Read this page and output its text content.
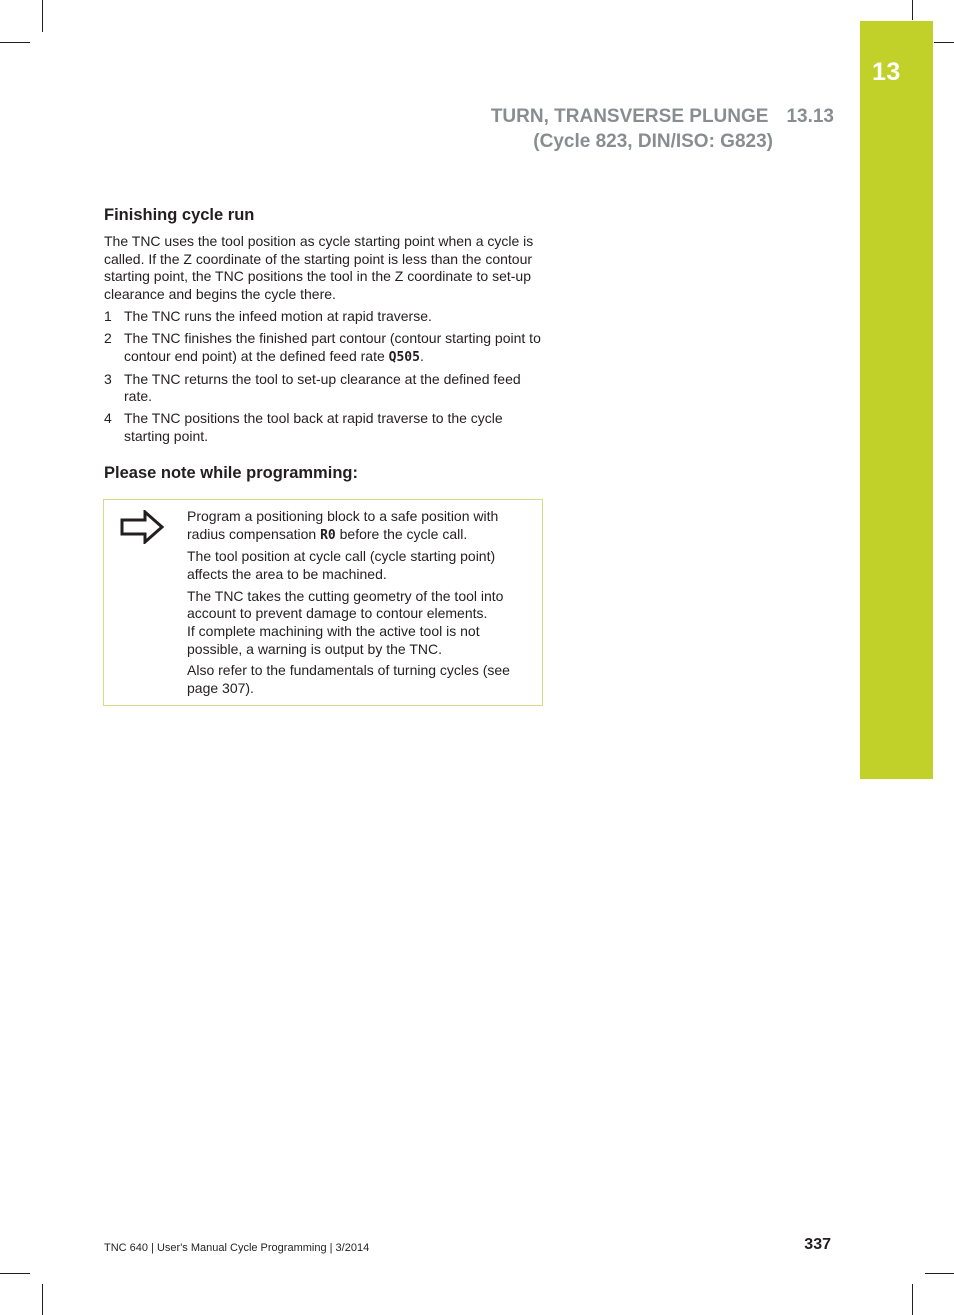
13
TURN, TRANSVERSE PLUNGE 13.13
(Cycle 823, DIN/ISO: G823)
Finishing cycle run

The TNC uses the tool position as cycle starting point when a cycle is called. If the Z coordinate of the starting point is less than the contour starting point, the TNC positions the tool in the Z coordinate to set-up clearance and begins the cycle there.

1 The TNC runs the infeed motion at rapid traverse.
2 The TNC finishes the finished part contour (contour starting point to contour end point) at the defined feed rate Q505.
3 The TNC returns the tool to set-up clearance at the defined feed rate.
4 The TNC positions the tool back at rapid traverse to the cycle starting point.
Please note while programming:

Program a positioning block to a safe position with radius compensation R0 before the cycle call.

The tool position at cycle call (cycle starting point) affects the area to be machined.

The TNC takes the cutting geometry of the tool into account to prevent damage to contour elements.

If complete machining with the active tool is not possible, a warning is output by the TNC.

Also refer to the fundamentals of turning cycles (see page 307).

TNC 640 | User's Manual Cycle Programming | 3/2014	337
